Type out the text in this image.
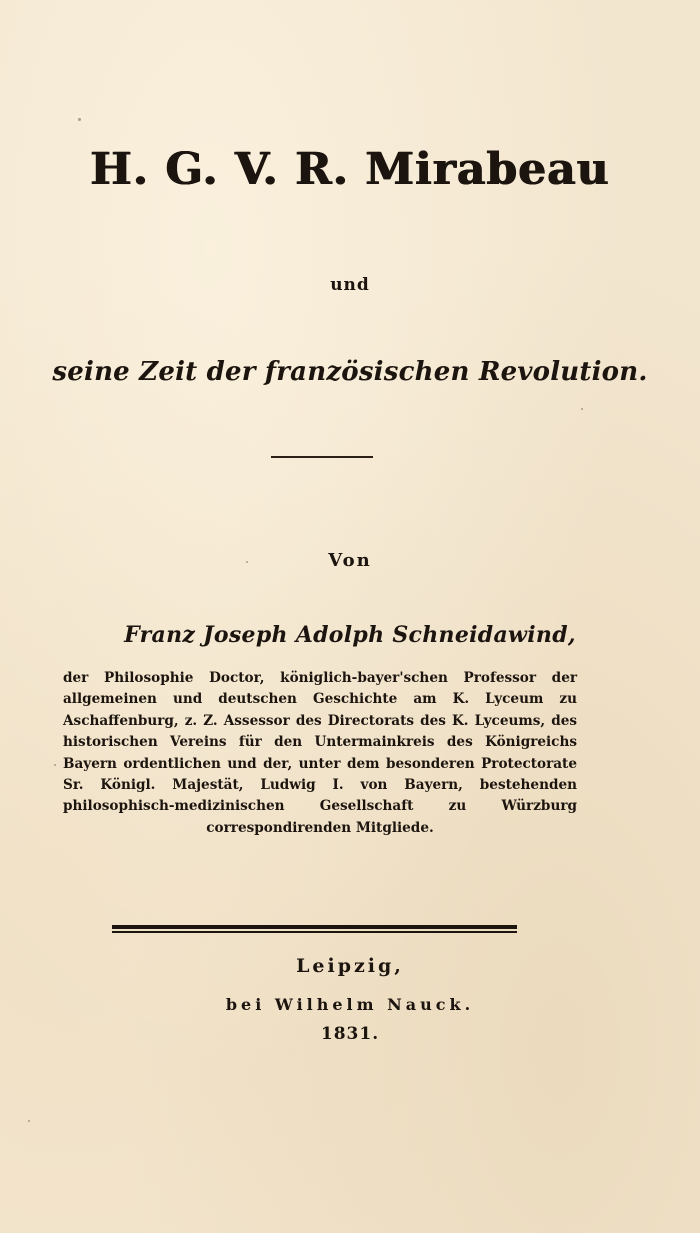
H. G. V. R. Mirabeau
und
seine Zeit der französischen Revolution.
Von
Franz Joseph Adolph Schneidawind,
der Philosophie Doctor, königlich-bayer'schen Professor der allgemeinen und deutschen Geschichte am K. Lyceum zu Aschaffenburg, z. Z. Assessor des Directorats des K. Lyceums, des historischen Vereins für den Untermainkreis des Königreichs Bayern ordentlichen und der, unter dem besonderen Protectorate Sr. Königl. Majestät, Ludwig I. von Bayern, bestehenden philosophisch-medizinischen Gesellschaft zu Würzburg correspondirenden Mitgliede.
Leipzig,
bei Wilhelm Nauck.
1831.
